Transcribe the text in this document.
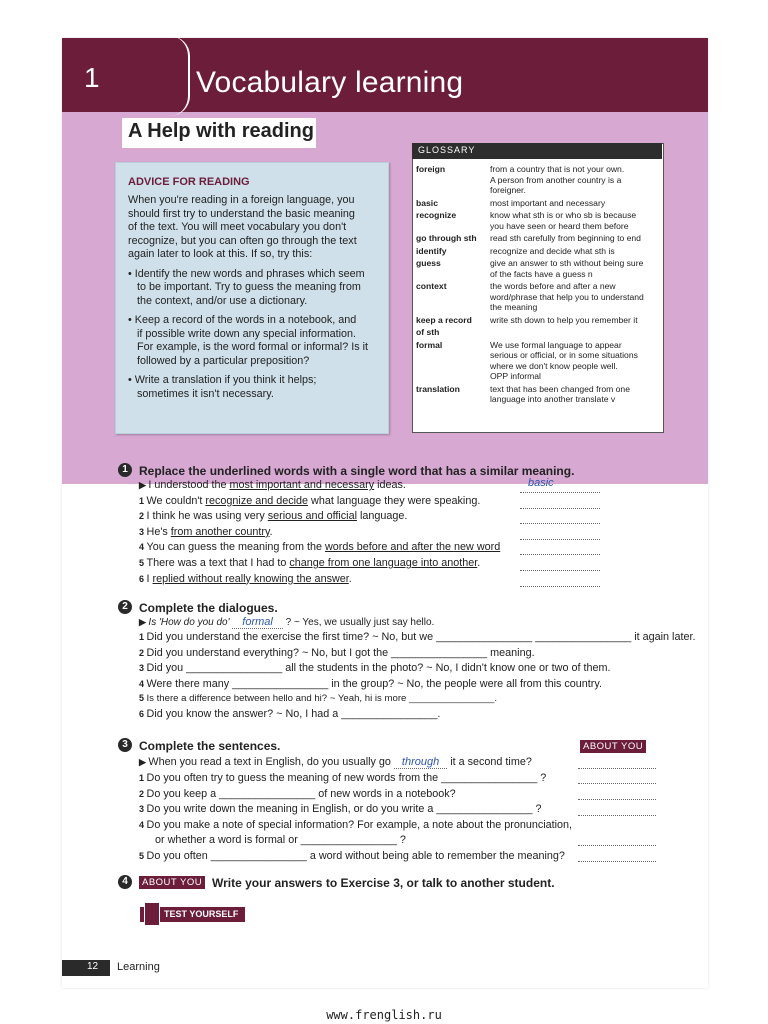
1	Vocabulary learning
A Help with reading
ADVICE FOR READING
When you're reading in a foreign language, you
should first try to understand the basic meaning
of the text. You will meet vocabulary you don't
recognize, but you can often go through the text
again later to look at this. If so, try this:
• Identify the new words and phrases which seem
to be important. Try to guess the meaning from
the context, and/or use a dictionary.
• Keep a record of the words in a notebook, and
if possible write down any special information.
For example, is the word formal or informal? Is it
followed by a particular preposition?
• Write a translation if you think it helps;
sometimes it isn't necessary.
GLOSSARY
foreign	from a country that is not your own.
A person from another country is a
foreigner.
basic	most important and necessary
recognize	know what sth is or who sb is because
you have seen or heard them before
go through sth	read sth carefully from beginning to end
identify	recognize and decide what sth is
guess	give an answer to sth without being sure
of the facts have a guess n
context	the words before and after a new
word/phrase that help you to understand
the meaning
keep a record	write sth down to help you remember it
of sth
formal	We use formal language to appear
serious or official, or in some situations
where we don't know people well.
OPP informal
translation	text that has been changed from one
language into another translate v
1 Replace the underlined words with a single word that has a similar meaning.
▶ I understood the most important and necessary ideas.	basic
1 We couldn't recognize and decide what language they were speaking.
2 I think he was using very serious and official language.
3 He's from another country.
4 You can guess the meaning from the words before and after the new word
5 There was a text that I had to change from one language into another.
6 I replied without really knowing the answer.
2 Complete the dialogues.
▶ Is 'How do you do' formal ? ~ Yes, we usually just say hello.
1 Did you understand the exercise the first time? ~ No, but we ________________ ________________ it again later.
2 Did you understand everything? ~ No, but I got the ________________ meaning.
3 Did you ________________ all the students in the photo? ~ No, I didn't know one or two of them.
4 Were there many ________________ in the group? ~ No, the people were all from this country.
5 Is there a difference between hello and hi? ~ Yeah, hi is more ________________.
6 Did you know the answer? ~ No, I had a ________________.
3 Complete the sentences.	ABOUT YOU
▶ When you read a text in English, do you usually go through it a second time?
1 Do you often try to guess the meaning of new words from the ________________ ?
2 Do you keep a ________________ of new words in a notebook?
3 Do you write down the meaning in English, or do you write a ________________ ?
4 Do you make a note of special information? For example, a note about the pronunciation,
or whether a word is formal or ________________ ?
5 Do you often ________________ a word without being able to remember the meaning?
4	ABOUT YOU Write your answers to Exercise 3, or talk to another student.
TEST YOURSELF
12 Learning
www.frenglish.ru
